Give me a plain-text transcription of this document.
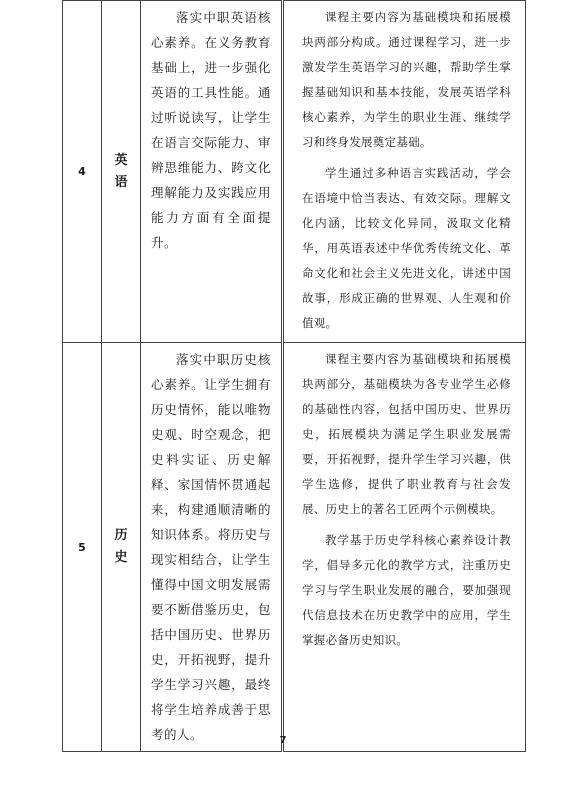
4	英语	落实中职英语核心素养。在义务教育基础上，进一步强化英语的工具性能。通过听说读写，让学生在语言交际能力、审辨思维能力、跨文化理解能力及实践应用能力方面有全面提升。	课程主要内容为基础模块和拓展模块两部分构成。通过课程学习，进一步激发学生英语学习的兴趣，帮助学生掌握基础知识和基本技能，发展英语学科核心素养，为学生的职业生涯、继续学习和终身发展奠定基础。

学生通过多种语言实践活动，学会在语境中恰当表达、有效交际。理解文化内涵，比较文化异同，汲取文化精华，用英语表述中华优秀传统文化、革命文化和社会主义先进文化，讲述中国故事，形成正确的世界观、人生观和价值观。

5	历史	落实中职历史核心素养。让学生拥有历史情怀，能以唯物史观、时空观念，把史料实证、历史解释、家国情怀贯通起来，构建通顺清晰的知识体系。将历史与现实相结合，让学生懂得中国文明发展需要不断借鉴历史，包括中国历史、世界历史，开拓视野，提升学生学习兴趣，最终将学生培养成善于思考的人。	课程主要内容为基础模块和拓展模块两部分，基础模块为各专业学生必修的基础性内容，包括中国历史、世界历史，拓展模块为满足学生职业发展需要，开拓视野，提升学生学习兴趣，供学生选修，提供了职业教育与社会发展、历史上的著名工匠两个示例模块。

教学基于历史学科核心素养设计教学，倡导多元化的教学方式，注重历史学习与学生职业发展的融合，要加强现代信息技术在历史教学中的应用，学生掌握必备历史知识。

7
